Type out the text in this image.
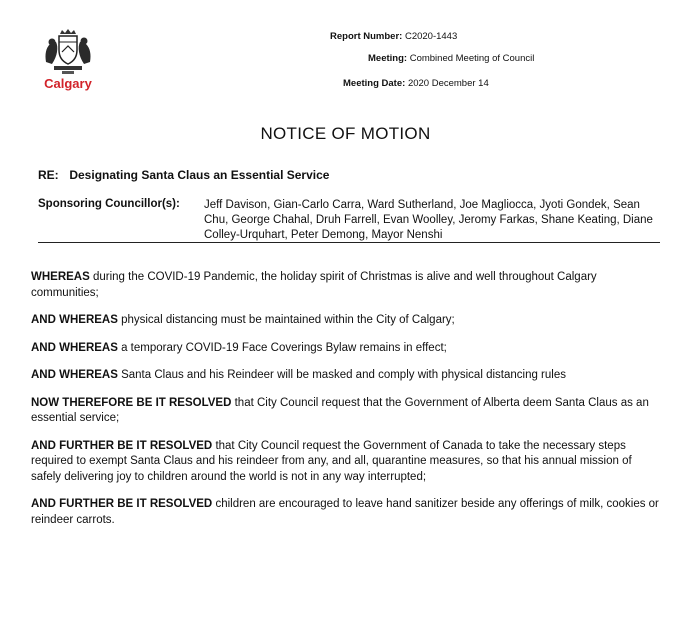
Calgary
Report Number: C2020-1443
Meeting: Combined Meeting of Council
Meeting Date: 2020 December 14
NOTICE OF MOTION
RE: Designating Santa Claus an Essential Service
Sponsoring Councillor(s): Jeff Davison, Gian-Carlo Carra, Ward Sutherland, Joe Magliocca, Jyoti Gondek, Sean Chu, George Chahal, Druh Farrell, Evan Woolley, Jeromy Farkas, Shane Keating, Diane Colley-Urquhart, Peter Demong, Mayor Nenshi

WHEREAS during the COVID-19 Pandemic, the holiday spirit of Christmas is alive and well throughout Calgary communities;

AND WHEREAS physical distancing must be maintained within the City of Calgary;

AND WHEREAS a temporary COVID-19 Face Coverings Bylaw remains in effect;

AND WHEREAS Santa Claus and his Reindeer will be masked and comply with physical distancing rules

NOW THEREFORE BE IT RESOLVED that City Council request that the Government of Alberta deem Santa Claus as an essential service;

AND FURTHER BE IT RESOLVED that City Council request the Government of Canada to take the necessary steps required to exempt Santa Claus and his reindeer from any, and all, quarantine measures, so that his annual mission of safely delivering joy to children around the world is not in any way interrupted;

AND FURTHER BE IT RESOLVED children are encouraged to leave hand sanitizer beside any offerings of milk, cookies or reindeer carrots.
